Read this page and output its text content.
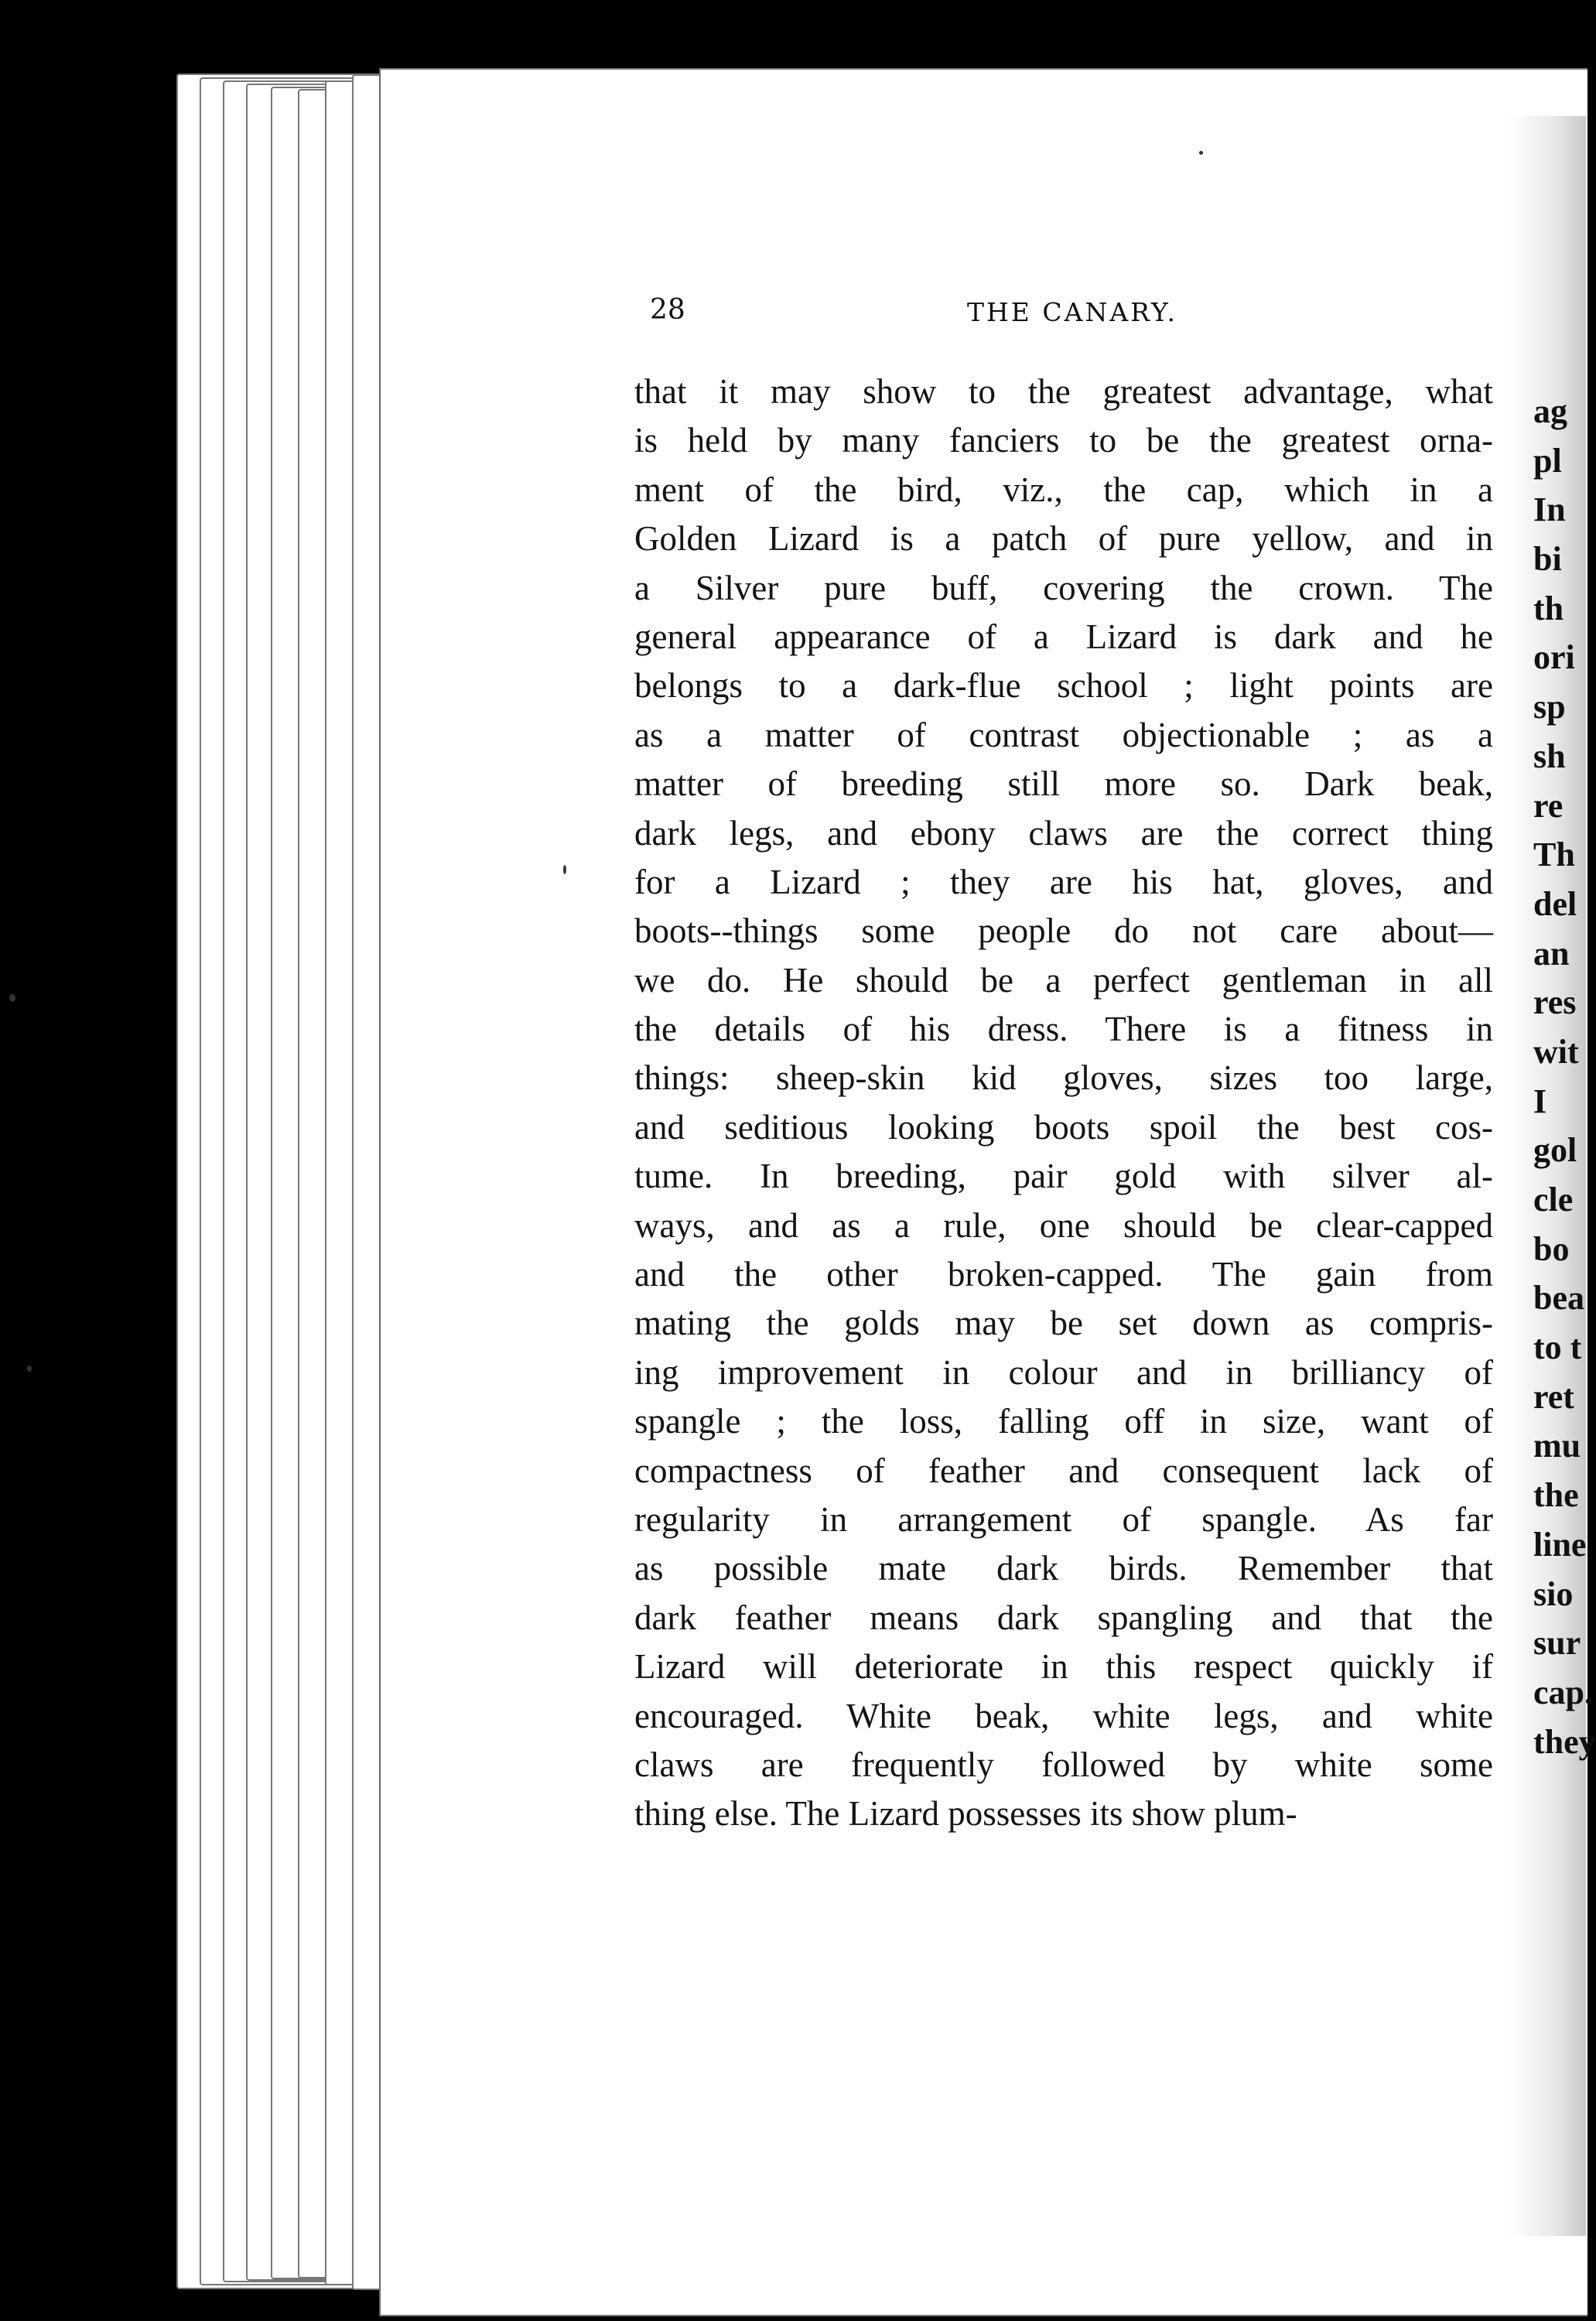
28	THE CANARY.
that it may show to the greatest advantage, what
is held by many fanciers to be the greatest orna-
ment of the bird, viz., the cap, which in a
Golden Lizard is a patch of pure yellow, and in
a Silver pure buff, covering the crown. The
general appearance of a Lizard is dark and he
belongs to a dark-flue school ; light points are
as a matter of contrast objectionable ; as a
matter of breeding still more so. Dark beak,
dark legs, and ebony claws are the correct thing
for a Lizard ; they are his hat, gloves, and
boots--things some people do not care about—
we do. He should be a perfect gentleman in all
the details of his dress. There is a fitness in
things: sheep-skin kid gloves, sizes too large,
and seditious looking boots spoil the best cos-
tume. In breeding, pair gold with silver al-
ways, and as a rule, one should be clear-capped
and the other broken-capped. The gain from
mating the golds may be set down as compris-
ing improvement in colour and in brilliancy of
spangle ; the loss, falling off in size, want of
compactness of feather and consequent lack of
regularity in arrangement of spangle. As far
as possible mate dark birds. Remember that
dark feather means dark spangling and that the
Lizard will deteriorate in this respect quickly if
encouraged. White beak, white legs, and white
claws are frequently followed by white some
thing else. The Lizard possesses its show plum-
ag
pl
In
bi
th
ori
sp
sh
re
Th
del
an
res
wit
I
gol
cle
bo
bea
to t
ret
mu
the
line
sio
sur
cap.
they
